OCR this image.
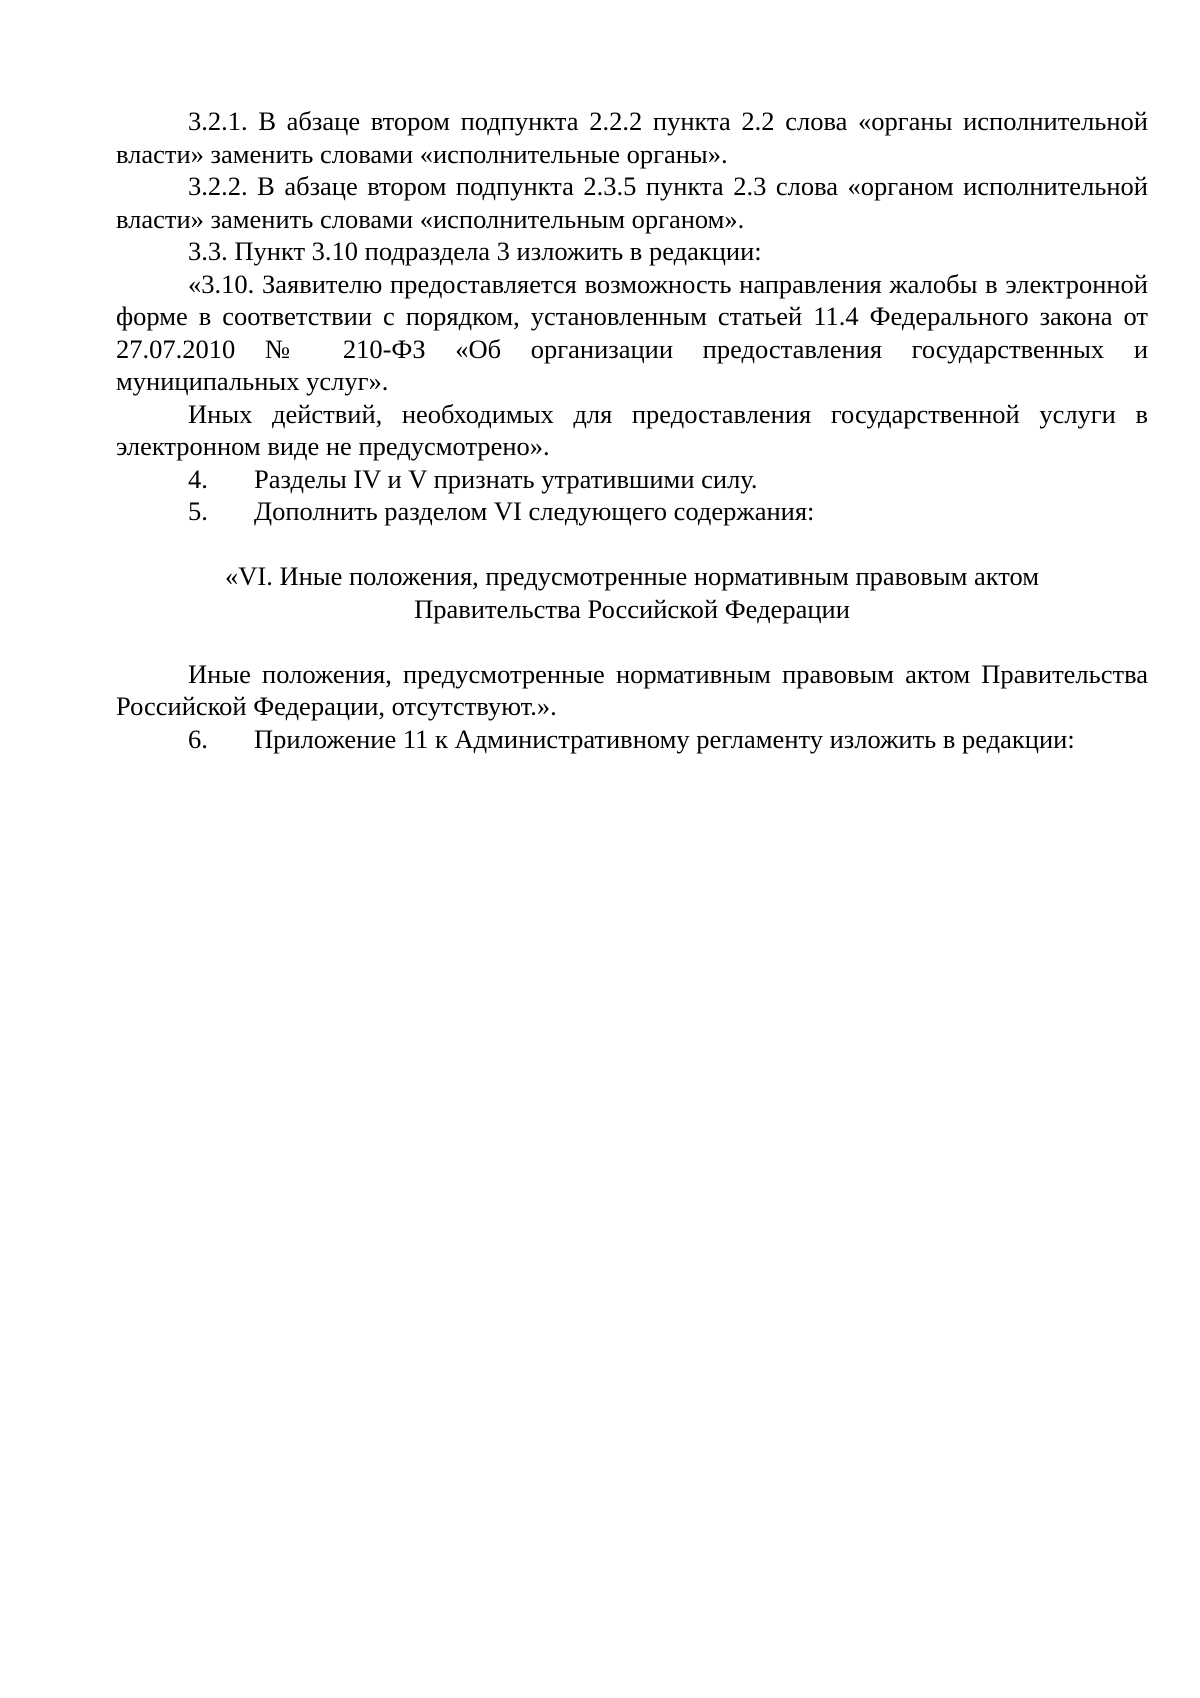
3.2.1. В абзаце втором подпункта 2.2.2 пункта 2.2 слова «органы исполнительной власти» заменить словами «исполнительные органы».

3.2.2. В абзаце втором подпункта 2.3.5 пункта 2.3 слова «органом исполнительной власти» заменить словами «исполнительным органом».

3.3. Пункт 3.10 подраздела 3 изложить в редакции:

«3.10. Заявителю предоставляется возможность направления жалобы в электронной форме в соответствии с порядком, установленным статьей 11.4 Федерального закона от 27.07.2010 № 210-ФЗ «Об организации предоставления государственных и муниципальных услуг».

Иных действий, необходимых для предоставления государственной услуги в электронном виде не предусмотрено».

4. Разделы IV и V признать утратившими силу.

5. Дополнить разделом VI следующего содержания:

«VI. Иные положения, предусмотренные нормативным правовым актом

Правительства Российской Федерации

Иные положения, предусмотренные нормативным правовым актом Правительства Российской Федерации, отсутствуют.».

6. Приложение 11 к Административному регламенту изложить в редакции:
